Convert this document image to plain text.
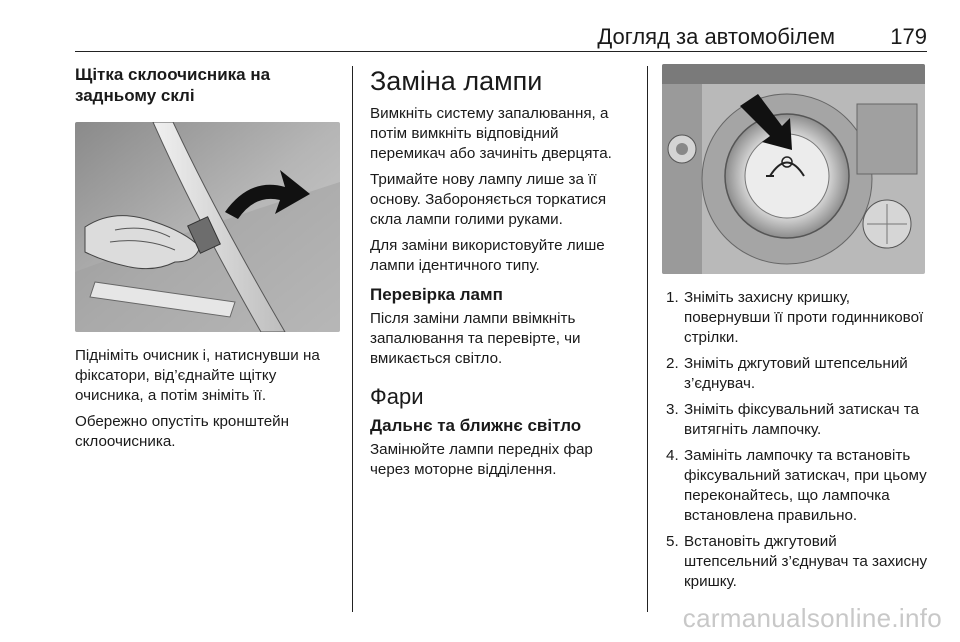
Догляд за автомобілем	179
Щітка склоочисника на задньому склі

Підніміть очисник і, натиснувши на фіксатори, від’єднайте щітку очисника, а потім зніміть її.

Обережно опустіть кронштейн склоочисника.

Заміна лампи

Вимкніть систему запалювання, а потім вимкніть відповідний перемикач або зачиніть дверцята.

Тримайте нову лампу лише за її основу. Забороняється торкатися скла лампи голими руками.

Для заміни використовуйте лише лампи ідентичного типу.

Перевірка ламп

Після заміни лампи ввімкніть запалювання та перевірте, чи вмикається світло.

Фари
Дальнє та ближнє світло

Замінюйте лампи передніх фар через моторне відділення.

1. Зніміть захисну кришку, повернувши її проти годинникової стрілки.
2. Зніміть джгутовий штепсельний з’єднувач.
3. Зніміть фіксувальний затискач та витягніть лампочку.
4. Замініть лампочку та встановіть фіксувальний затискач, при цьому переконайтесь, що лампочка встановлена правильно.
5. Встановіть джгутовий штепсельний з’єднувач та захисну кришку.
carmanualsonline.info
